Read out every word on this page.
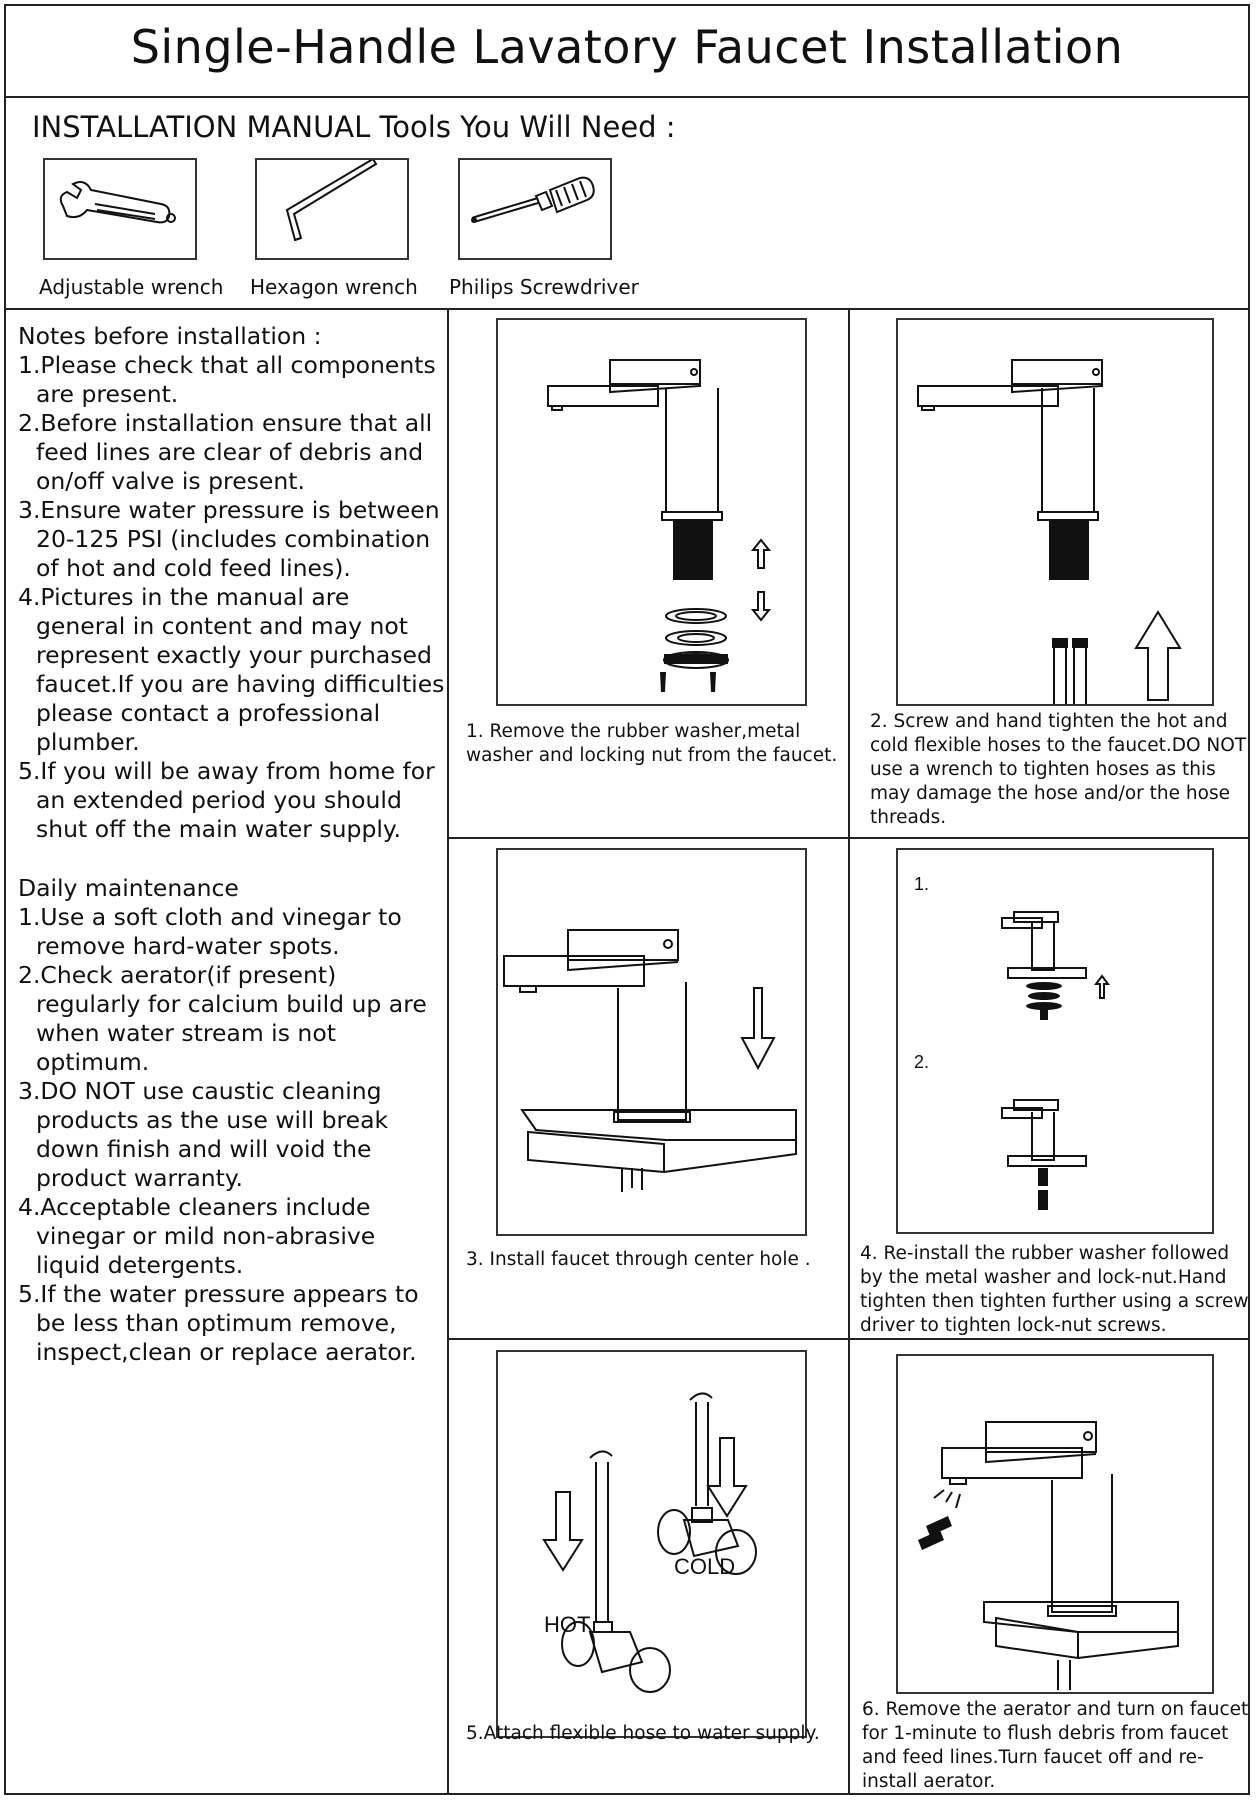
Single-Handle Lavatory Faucet Installation
INSTALLATION MANUAL Tools You Will Need :
Adjustable wrench Hexagon wrench Philips Screwdriver
Notes before installation :
1.Please check that all components are present.
2.Before installation ensure that all feed lines are clear of debris and on/off valve is present.
3.Ensure water pressure is between 20-125 PSI (includes combination of hot and cold feed lines).
4.Pictures in the manual are general in content and may not represent exactly your purchased faucet.If you are having difficulties please contact a professional plumber.
5.If you will be away from home for an extended period you should shut off the main water supply.
Daily maintenance
1.Use a soft cloth and vinegar to remove hard-water spots.
2.Check aerator(if present) regularly for calcium build up are when water stream is not optimum.
3.DO NOT use caustic cleaning products as the use will break down finish and will void the product warranty.
4.Acceptable cleaners include vinegar or mild non-abrasive liquid detergents.
5.If the water pressure appears to be less than optimum remove, inspect,clean or replace aerator.
1. Remove the rubber washer,metal washer and locking nut from the faucet.
2. Screw and hand tighten the hot and cold flexible hoses to the faucet.DO NOT use a wrench to tighten hoses as this may damage the hose and/or the hose threads.
3. Install faucet through center hole .
1.
2.
4. Re-install the rubber washer followed by the metal washer and lock-nut.Hand tighten then tighten further using a screw driver to tighten lock-nut screws.
HOT
COLD
5.Attach flexible hose to water supply.
6. Remove the aerator and turn on faucet for 1-minute to flush debris from faucet and feed lines.Turn faucet off and re-install aerator.
